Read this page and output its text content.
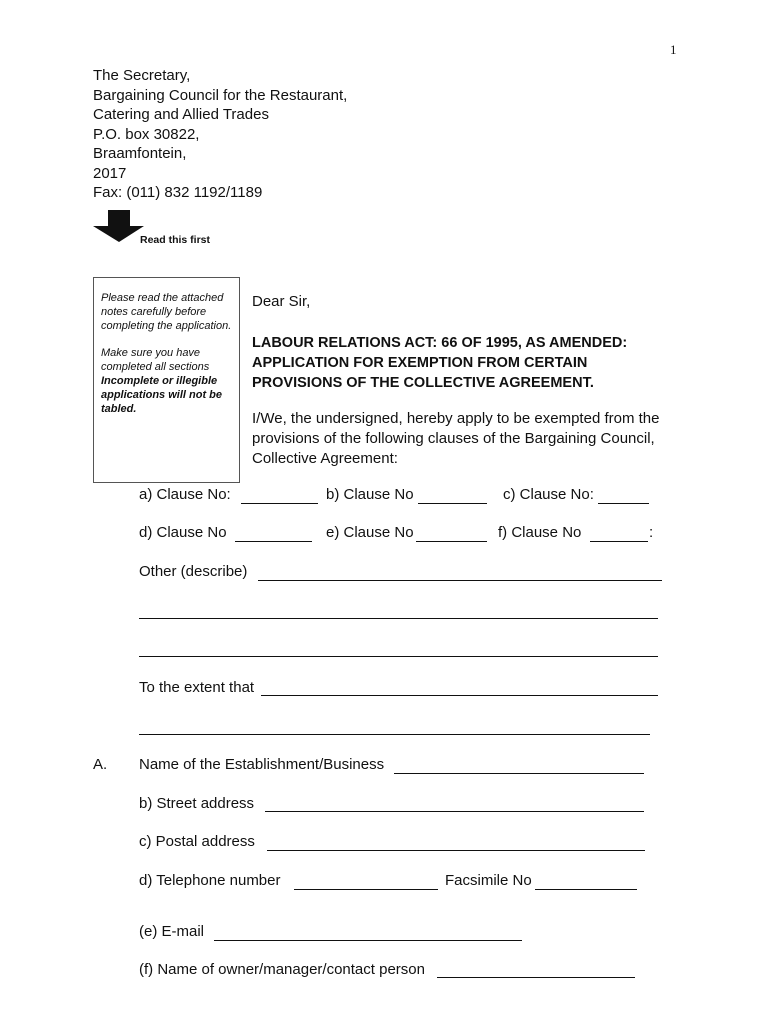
1
The Secretary,
Bargaining Council for the Restaurant,
Catering and Allied Trades
P.O. box 30822,
Braamfontein,
2017
Fax: (011) 832 1192/1189
Read this first
Please read the attached notes carefully before completing the application.
Make sure you have completed all sections
Incomplete or illegible applications will not be tabled.
Dear Sir,
LABOUR RELATIONS ACT: 66 OF 1995, AS AMENDED:
APPLICATION FOR EXEMPTION FROM CERTAIN
PROVISIONS OF THE COLLECTIVE AGREEMENT.
I/We, the undersigned, hereby apply to be exempted from the
provisions of the following clauses of the Bargaining Council,
Collective Agreement:
a) Clause No:	b) Clause No	c) Clause No:
d) Clause No	e) Clause No	f) Clause No	:
Other (describe)
To the extent that
A. Name of the Establishment/Business
b) Street address
c) Postal address
d) Telephone number	Facsimile No
(e) E-mail
(f) Name of owner/manager/contact person
